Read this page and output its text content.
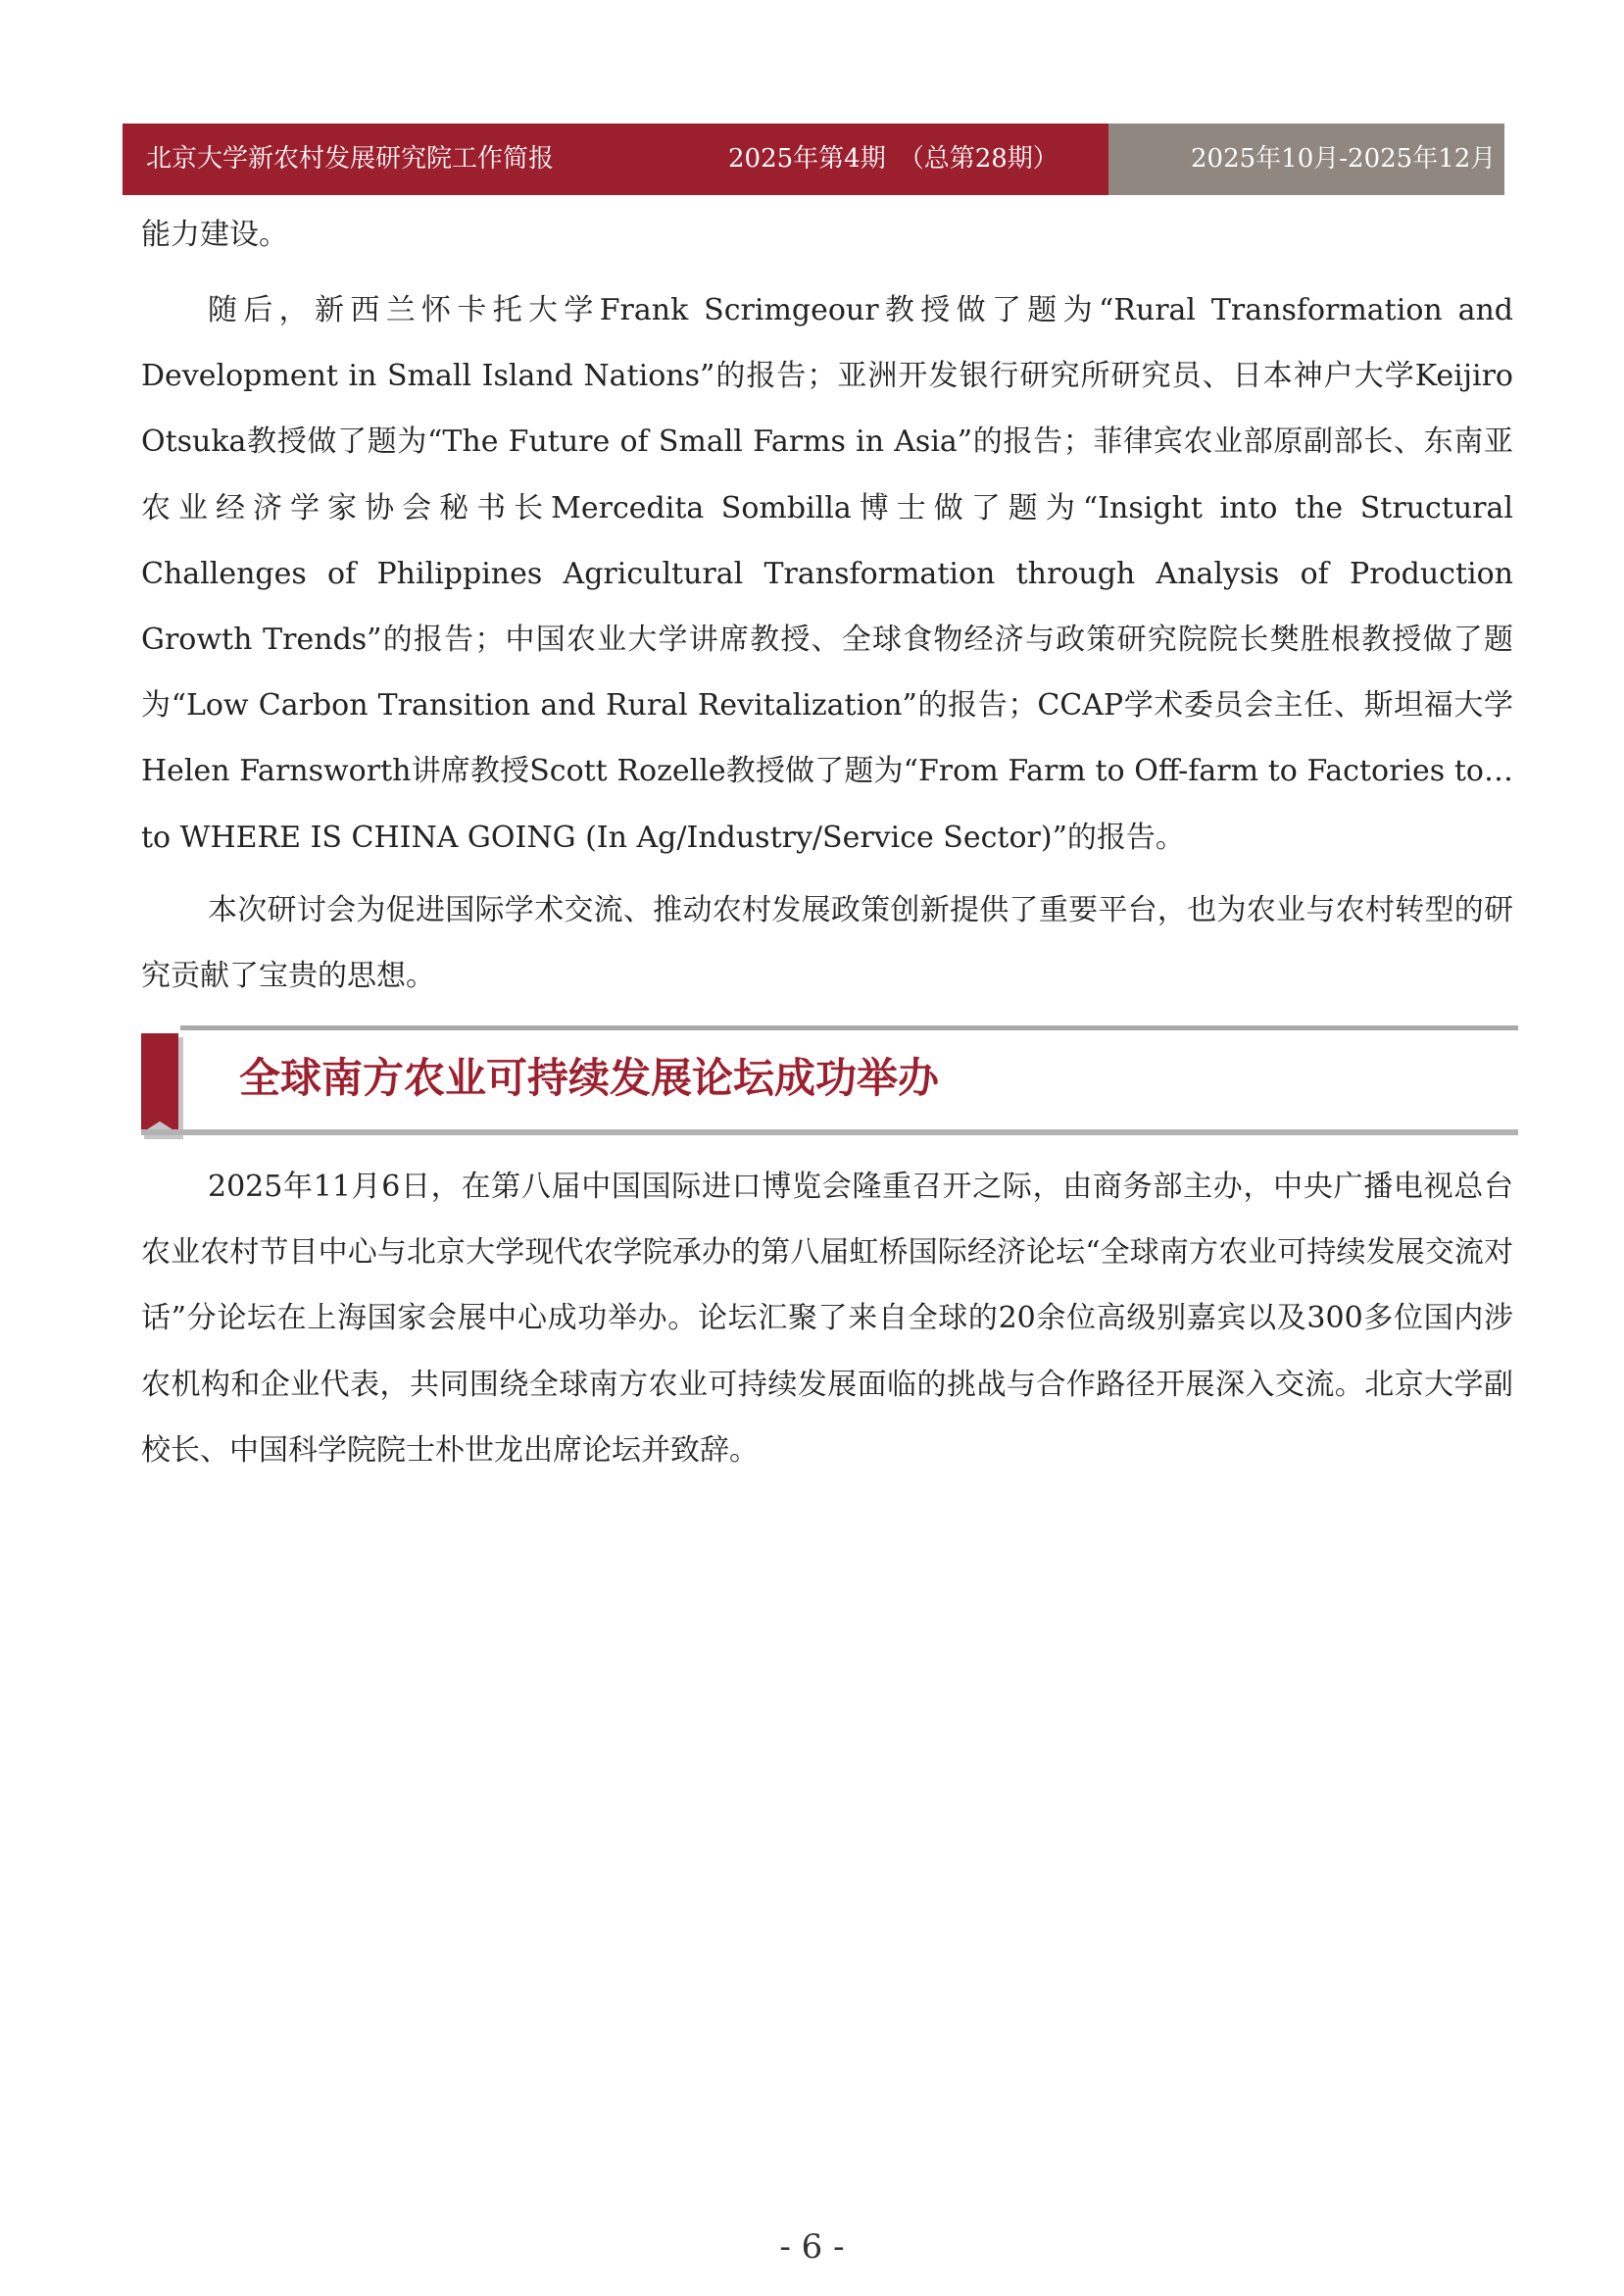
北京大学新农村发展研究院工作简报	2025年第4期　（总第28期）	2025年10月-2025年12月

能力建设。

随后，新西兰怀卡托大学Frank Scrimgeour教授做了题为“Rural Transformation and Development in Small Island Nations”的报告；亚洲开发银行研究所研究员、日本神户大学Keijiro Otsuka教授做了题为“The Future of Small Farms in Asia”的报告；菲律宾农业部原副部长、东南亚农业经济学家协会秘书长Mercedita Sombilla博士做了题为“Insight into the Structural Challenges of Philippines Agricultural Transformation through Analysis of Production Growth Trends”的报告；中国农业大学讲席教授、全球食物经济与政策研究院院长樊胜根教授做了题为“Low Carbon Transition and Rural Revitalization”的报告；CCAP学术委员会主任、斯坦福大学Helen Farnsworth讲席教授Scott Rozelle教授做了题为“From Farm to Off-farm to Factories to…to WHERE IS CHINA GOING (In Ag/Industry/Service Sector)”的报告。

本次研讨会为促进国际学术交流、推动农村发展政策创新提供了重要平台，也为农业与农村转型的研究贡献了宝贵的思想。

全球南方农业可持续发展论坛成功举办

2025年11月6日，在第八届中国国际进口博览会隆重召开之际，由商务部主办，中央广播电视总台农业农村节目中心与北京大学现代农学院承办的第八届虹桥国际经济论坛“全球南方农业可持续发展交流对话”分论坛在上海国家会展中心成功举办。论坛汇聚了来自全球的20余位高级别嘉宾以及300多位国内涉农机构和企业代表，共同围绕全球南方农业可持续发展面临的挑战与合作路径开展深入交流。北京大学副校长、中国科学院院士朴世龙出席论坛并致辞。

- 6 -
